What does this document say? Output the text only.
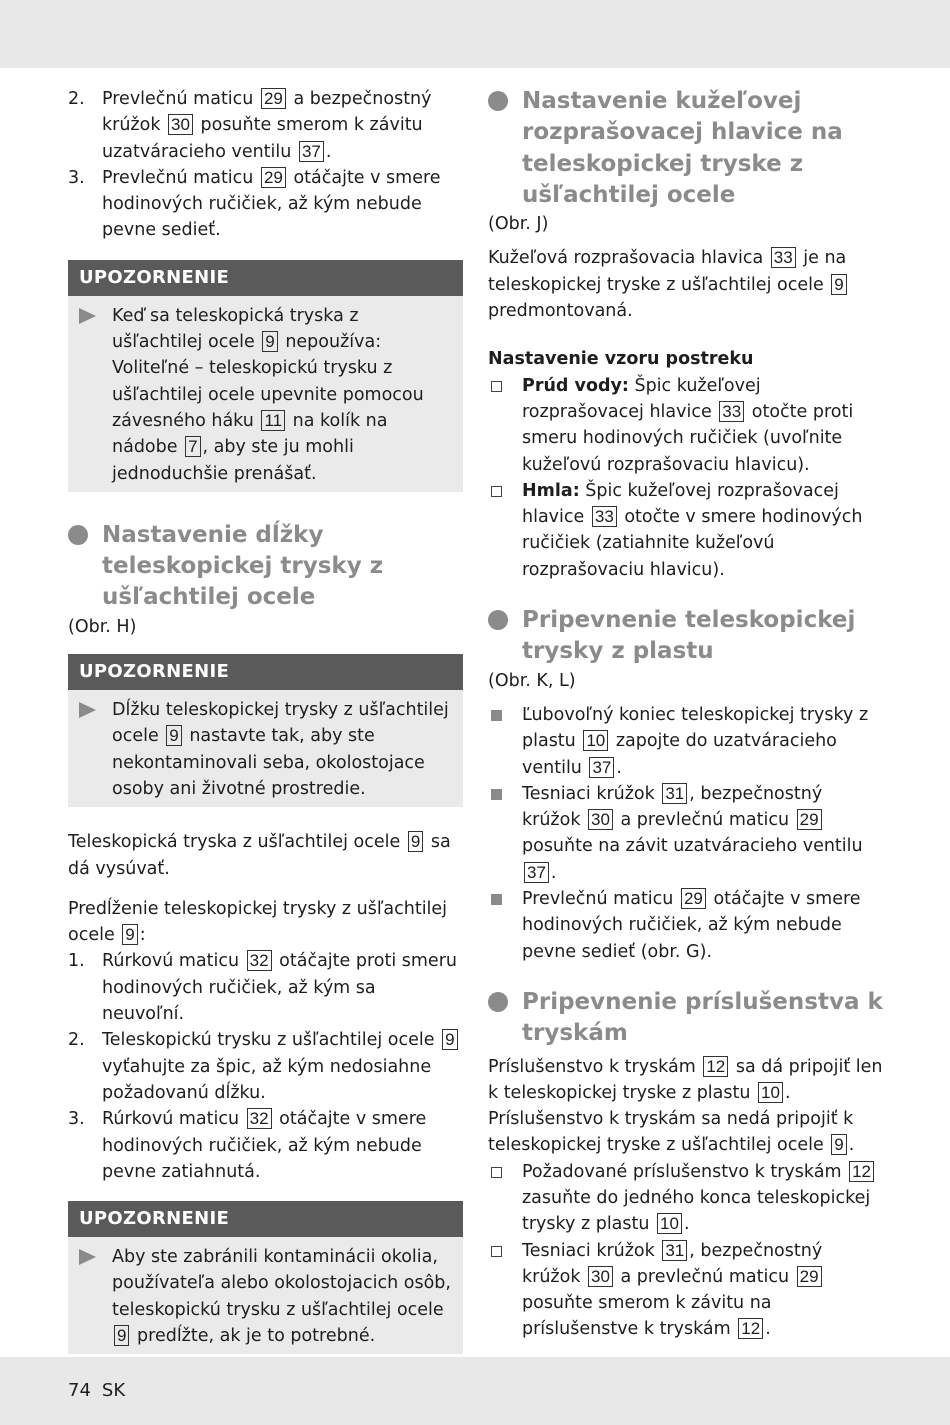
2. Prevlečnú maticu 29 a bezpečnostný krúžok 30 posuňte smerom k závitu uzatváracieho ventilu 37 .
3. Prevlečnú maticu 29 otáčajte v smere hodinových ručičiek, až kým nebude pevne sedieť.
UPOZORNENIE
Keď sa teleskopická tryska z ušľachtilej ocele 9 nepoužíva: Voliteľné – teleskopickú trysku z ušľachtilej ocele upevnite pomocou závesného háku 11 na kolík na nádobe 7 , aby ste ju mohli jednoduchšie prenášať.
Nastavenie dĺžky teleskopickej trysky z ušľachtilej ocele
(Obr. H)
UPOZORNENIE
Dĺžku teleskopickej trysky z ušľachtilej ocele 9 nastavte tak, aby ste nekontaminovali seba, okolostojace osoby ani životné prostredie.

Teleskopická tryska z ušľachtilej ocele 9 sa dá vysúvať.

Predĺženie teleskopickej trysky z ušľachtilej ocele 9 :

1. Rúrkovú maticu 32 otáčajte proti smeru hodinových ručičiek, až kým sa neuvoľní.
2. Teleskopickú trysku z ušľachtilej ocele 9 vyťahujte za špic, až kým nedosiahne požadovanú dĺžku.
3. Rúrkovú maticu 32 otáčajte v smere hodinových ručičiek, až kým nebude pevne zatiahnutá.
UPOZORNENIE
Aby ste zabránili kontaminácii okolia, používateľa alebo okolostojacich osôb, teleskopickú trysku z ušľachtilej ocele 9 predĺžte, ak je to potrebné.
Nastavenie kužeľovej rozprašovacej hlavice na teleskopickej tryske z ušľachtilej ocele
(Obr. J)

Kužeľová rozprašovacia hlavica 33 je na teleskopickej tryske z ušľachtilej ocele 9 predmontovaná.

Nastavenie vzoru postreku
Prúd vody: Špic kužeľovej rozprašovacej hlavice 33 otočte proti smeru hodinových ručičiek (uvoľnite kužeľovú rozprašovaciu hlavicu).
Hmla: Špic kužeľovej rozprašovacej hlavice 33 otočte v smere hodinových ručičiek (zatiahnite kužeľovú rozprašovaciu hlavicu).
Pripevnenie teleskopickej trysky z plastu
(Obr. K, L)
Ľubovoľný koniec teleskopickej trysky z plastu 10 zapojte do uzatváracieho ventilu 37 .
Tesniaci krúžok 31 , bezpečnostný krúžok 30 a prevlečnú maticu 29 posuňte na závit uzatváracieho ventilu 37 .
Prevlečnú maticu 29 otáčajte v smere hodinových ručičiek, až kým nebude pevne sedieť (obr. G).
Pripevnenie príslušenstva k tryskám

Príslušenstvo k tryskám 12 sa dá pripojiť len k teleskopickej tryske z plastu 10 .

Príslušenstvo k tryskám sa nedá pripojiť k teleskopickej tryske z ušľachtilej ocele 9 .

Požadované príslušenstvo k tryskám 12 zasuňte do jedného konca teleskopickej trysky z plastu 10 .
Tesniaci krúžok 31 , bezpečnostný krúžok 30 a prevlečnú maticu 29 posuňte smerom k závitu na príslušenstve k tryskám 12 .
74 SK
